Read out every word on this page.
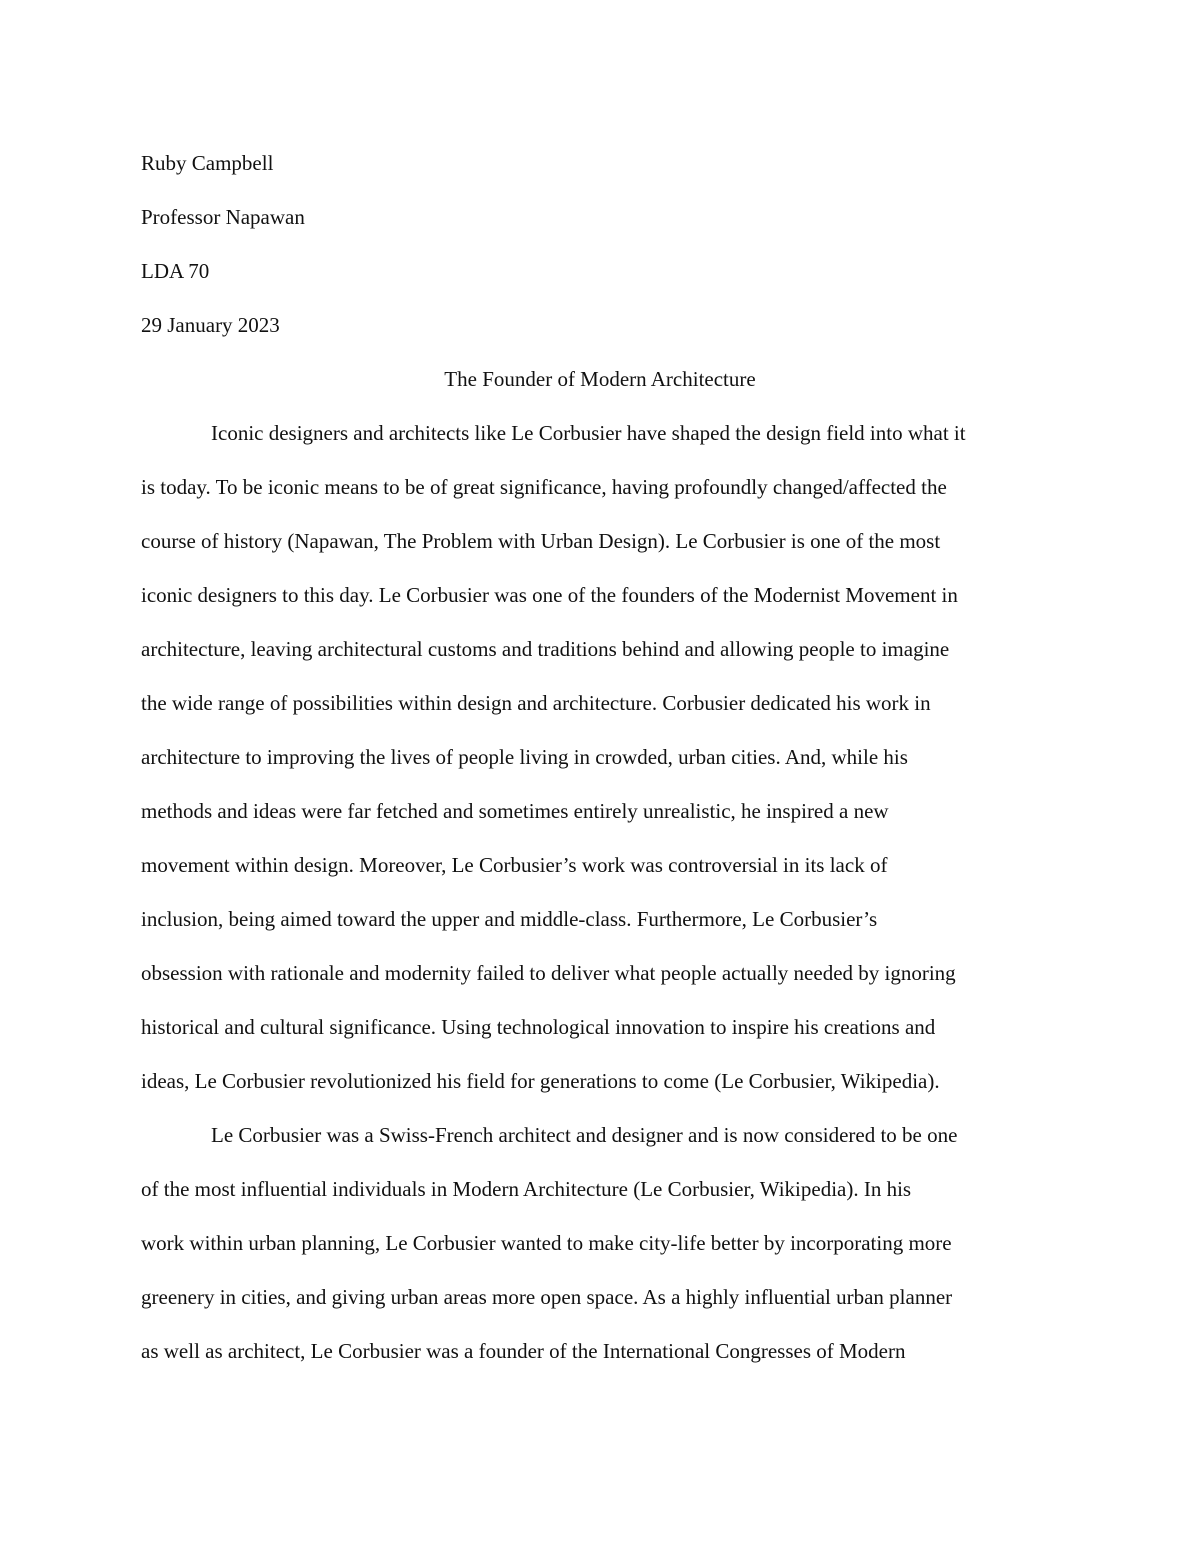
Ruby Campbell

Professor Napawan

LDA 70

29 January 2023

The Founder of Modern Architecture

Iconic designers and architects like Le Corbusier have shaped the design field into what it

is today. To be iconic means to be of great significance, having profoundly changed/affected the

course of history (Napawan, The Problem with Urban Design). Le Corbusier is one of the most

iconic designers to this day. Le Corbusier was one of the founders of the Modernist Movement in

architecture, leaving architectural customs and traditions behind and allowing people to imagine

the wide range of possibilities within design and architecture. Corbusier dedicated his work in

architecture to improving the lives of people living in crowded, urban cities. And, while his

methods and ideas were far fetched and sometimes entirely unrealistic, he inspired a new

movement within design. Moreover, Le Corbusier’s work was controversial in its lack of

inclusion, being aimed toward the upper and middle-class. Furthermore, Le Corbusier’s

obsession with rationale and modernity failed to deliver what people actually needed by ignoring

historical and cultural significance. Using technological innovation to inspire his creations and

ideas, Le Corbusier revolutionized his field for generations to come (Le Corbusier, Wikipedia).

Le Corbusier was a Swiss-French architect and designer and is now considered to be one

of the most influential individuals in Modern Architecture (Le Corbusier, Wikipedia). In his

work within urban planning, Le Corbusier wanted to make city-life better by incorporating more

greenery in cities, and giving urban areas more open space. As a highly influential urban planner

as well as architect, Le Corbusier was a founder of the International Congresses of Modern
